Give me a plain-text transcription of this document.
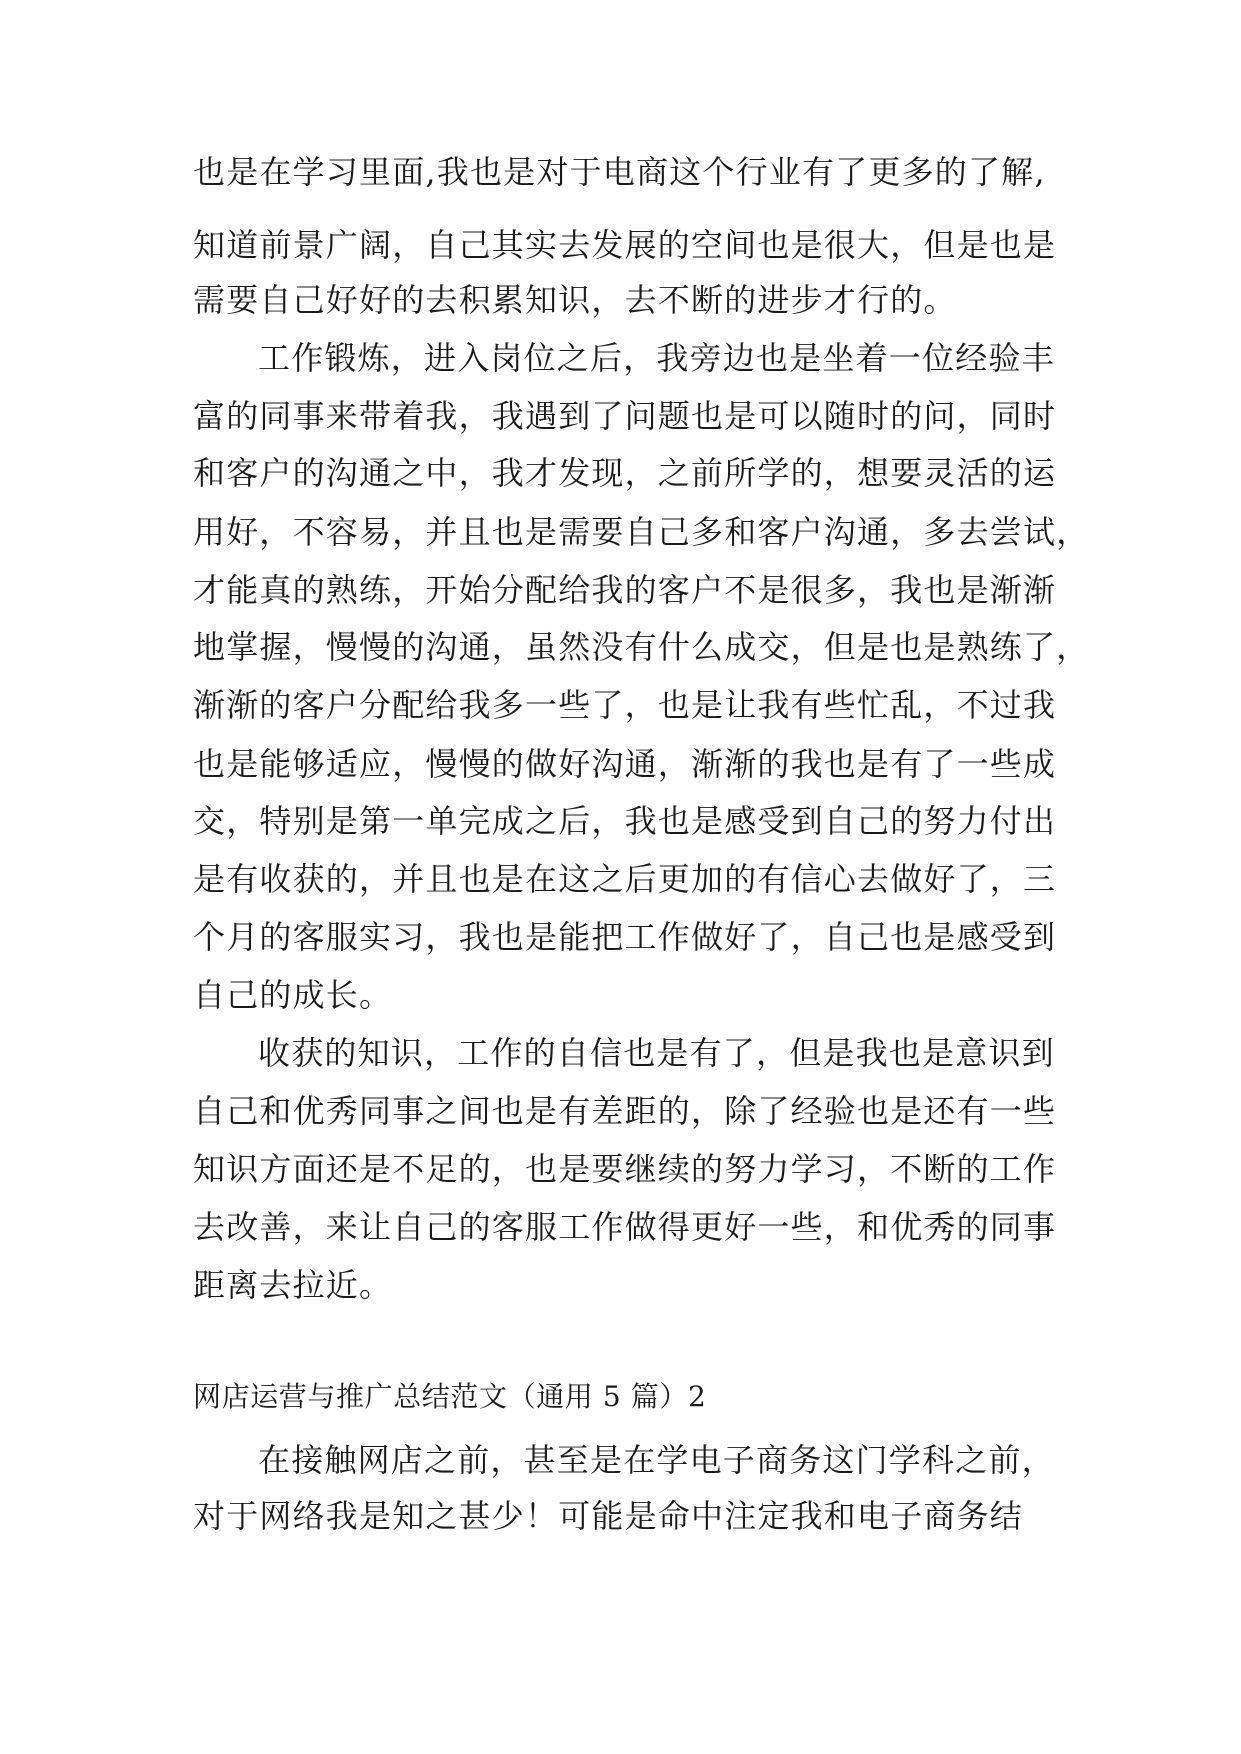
也是在学习里面,我也是对于电商这个行业有了更多的了解,
知道前景广阔，自己其实去发展的空间也是很大，但是也是
需要自己好好的去积累知识，去不断的进步才行的。
工作锻炼，进入岗位之后，我旁边也是坐着一位经验丰
富的同事来带着我，我遇到了问题也是可以随时的问，同时
和客户的沟通之中，我才发现，之前所学的，想要灵活的运
用好，不容易，并且也是需要自己多和客户沟通，多去尝试，
才能真的熟练，开始分配给我的客户不是很多，我也是渐渐
地掌握，慢慢的沟通，虽然没有什么成交，但是也是熟练了，
渐渐的客户分配给我多一些了，也是让我有些忙乱，不过我
也是能够适应，慢慢的做好沟通，渐渐的我也是有了一些成
交，特别是第一单完成之后，我也是感受到自己的努力付出
是有收获的，并且也是在这之后更加的有信心去做好了，三
个月的客服实习，我也是能把工作做好了，自己也是感受到
自己的成长。
收获的知识，工作的自信也是有了，但是我也是意识到
自己和优秀同事之间也是有差距的，除了经验也是还有一些
知识方面还是不足的，也是要继续的努力学习，不断的工作
去改善，来让自己的客服工作做得更好一些，和优秀的同事
距离去拉近。
网店运营与推广总结范文（通用 5 篇）2
在接触网店之前，甚至是在学电子商务这门学科之前，
对于网络我是知之甚少！可能是命中注定我和电子商务结
